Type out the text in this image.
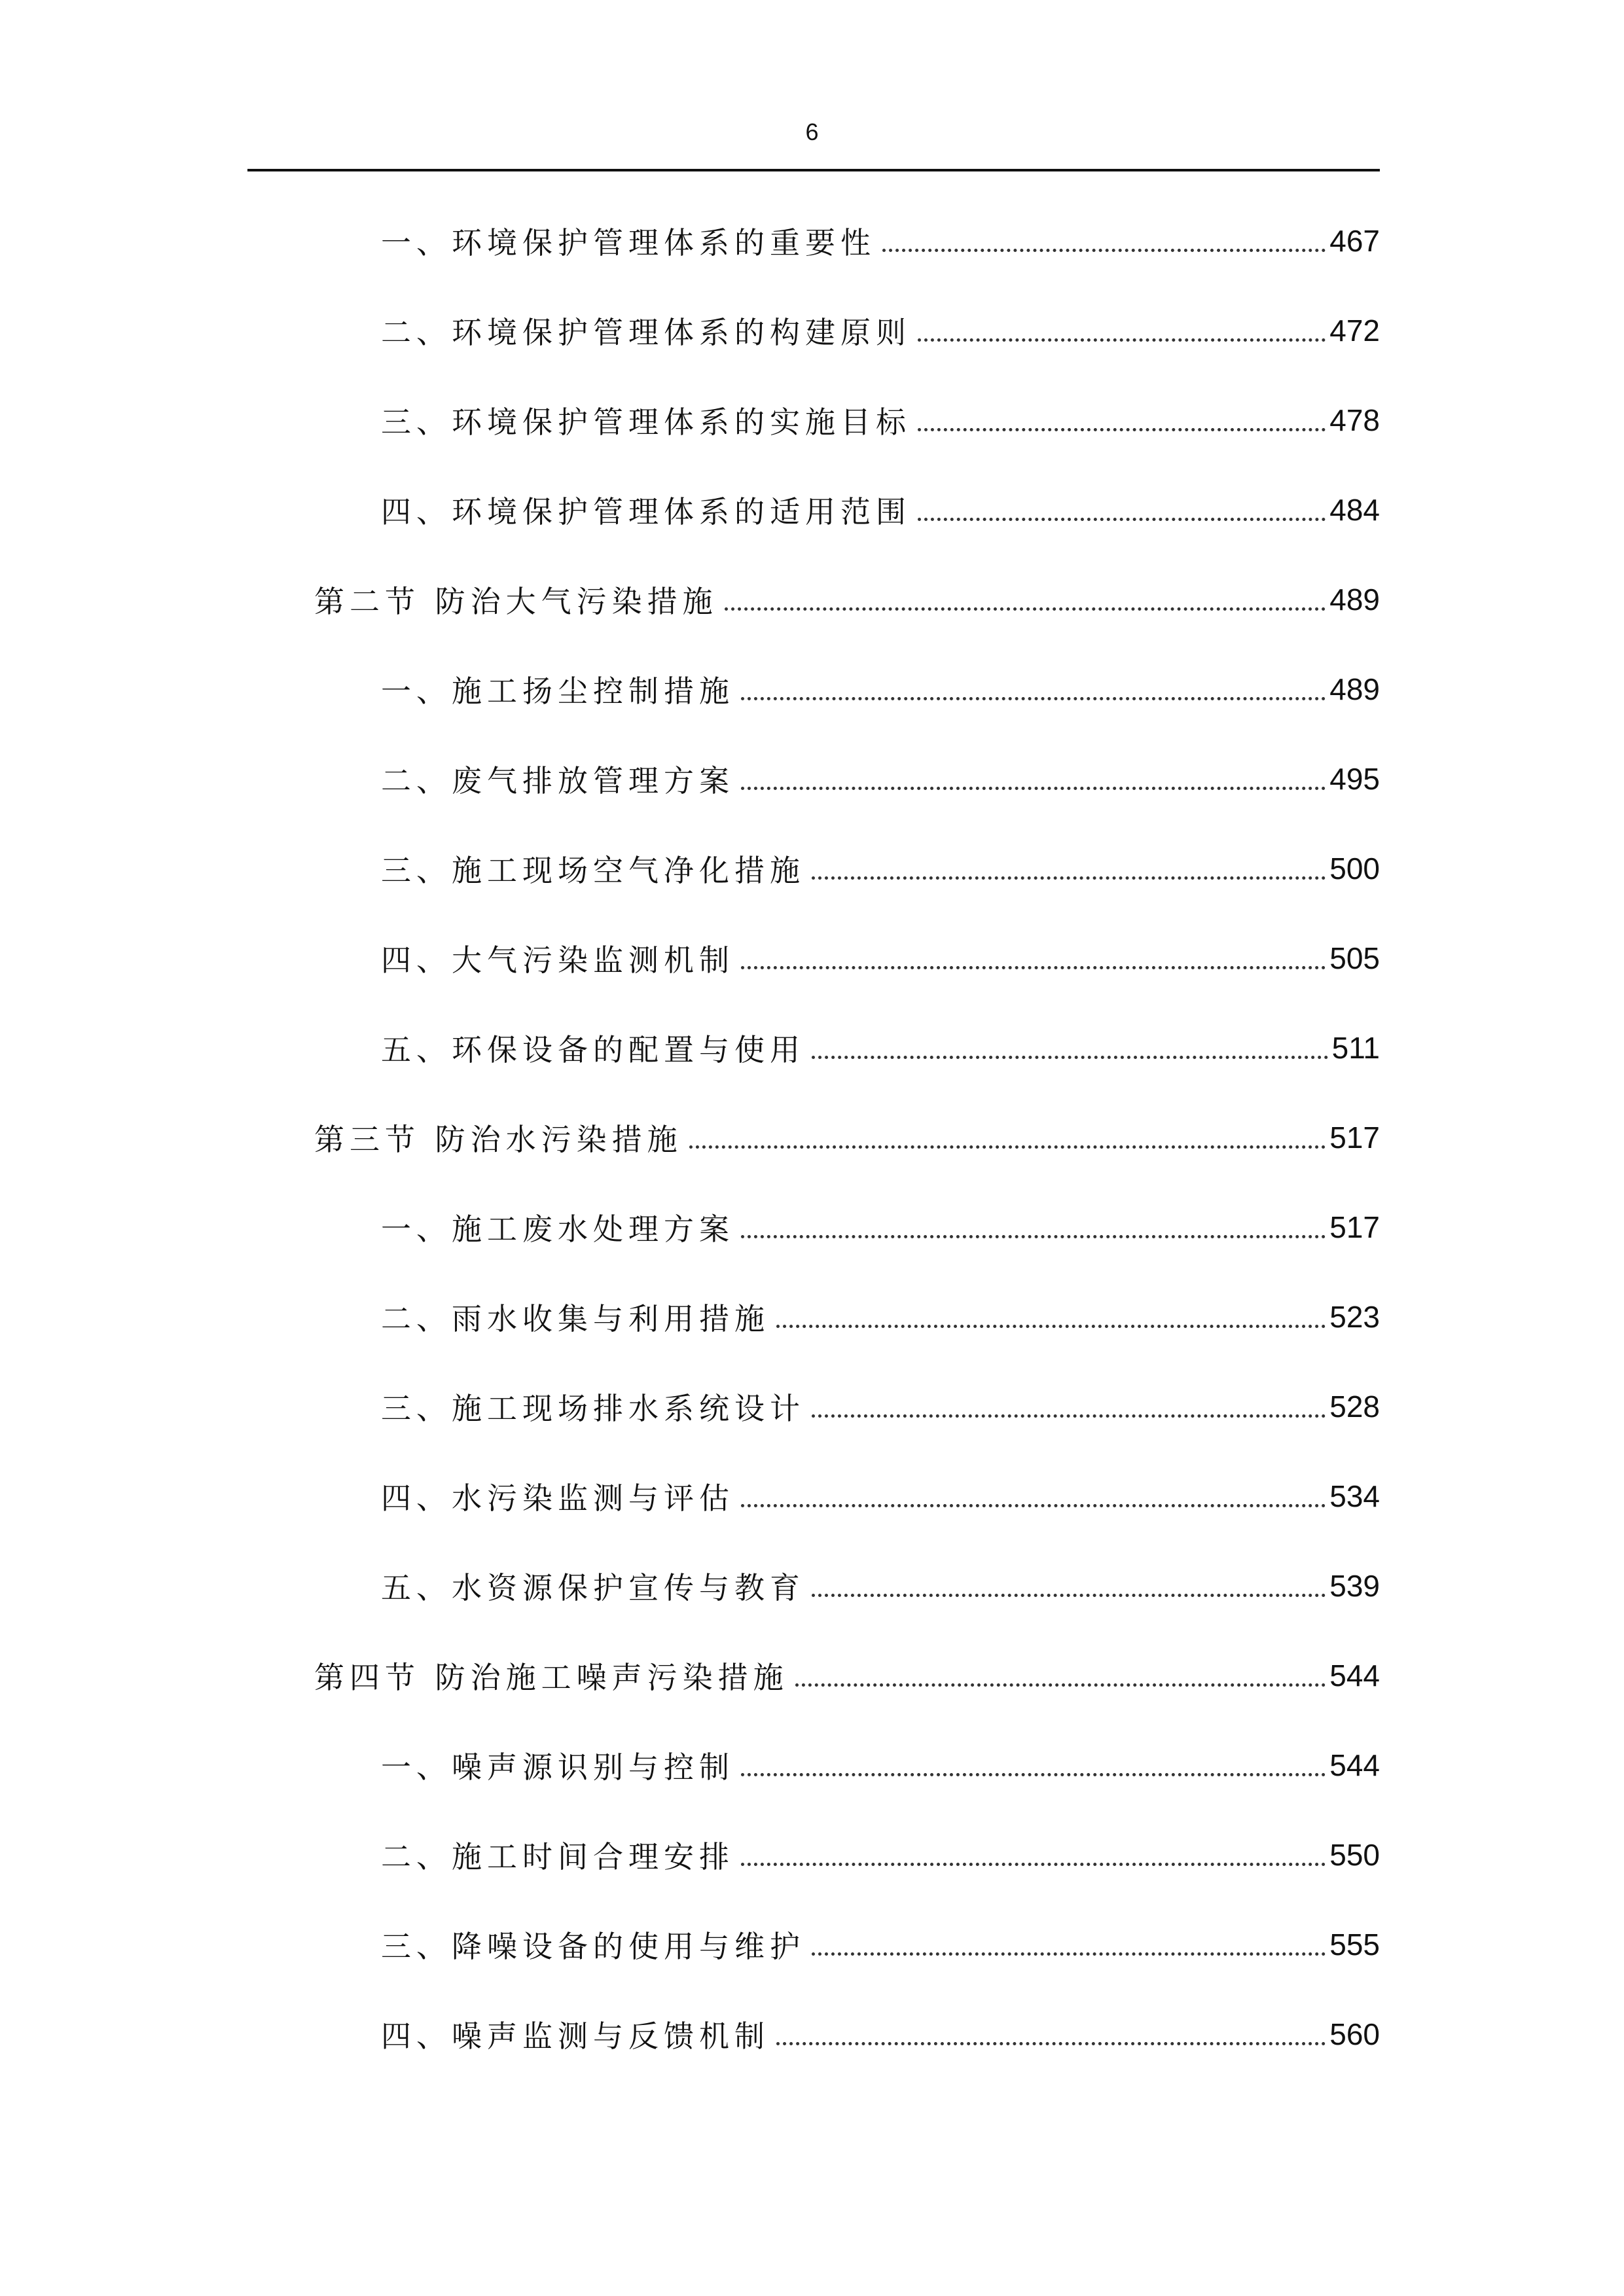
6
一、环境保护管理体系的重要性	467
二、环境保护管理体系的构建原则	472
三、环境保护管理体系的实施目标	478
四、环境保护管理体系的适用范围	484
第二节 防治大气污染措施	489
一、施工扬尘控制措施	489
二、废气排放管理方案	495
三、施工现场空气净化措施	500
四、大气污染监测机制	505
五、环保设备的配置与使用	511
第三节 防治水污染措施	517
一、施工废水处理方案	517
二、雨水收集与利用措施	523
三、施工现场排水系统设计	528
四、水污染监测与评估	534
五、水资源保护宣传与教育	539
第四节 防治施工噪声污染措施	544
一、噪声源识别与控制	544
二、施工时间合理安排	550
三、降噪设备的使用与维护	555
四、噪声监测与反馈机制	560
